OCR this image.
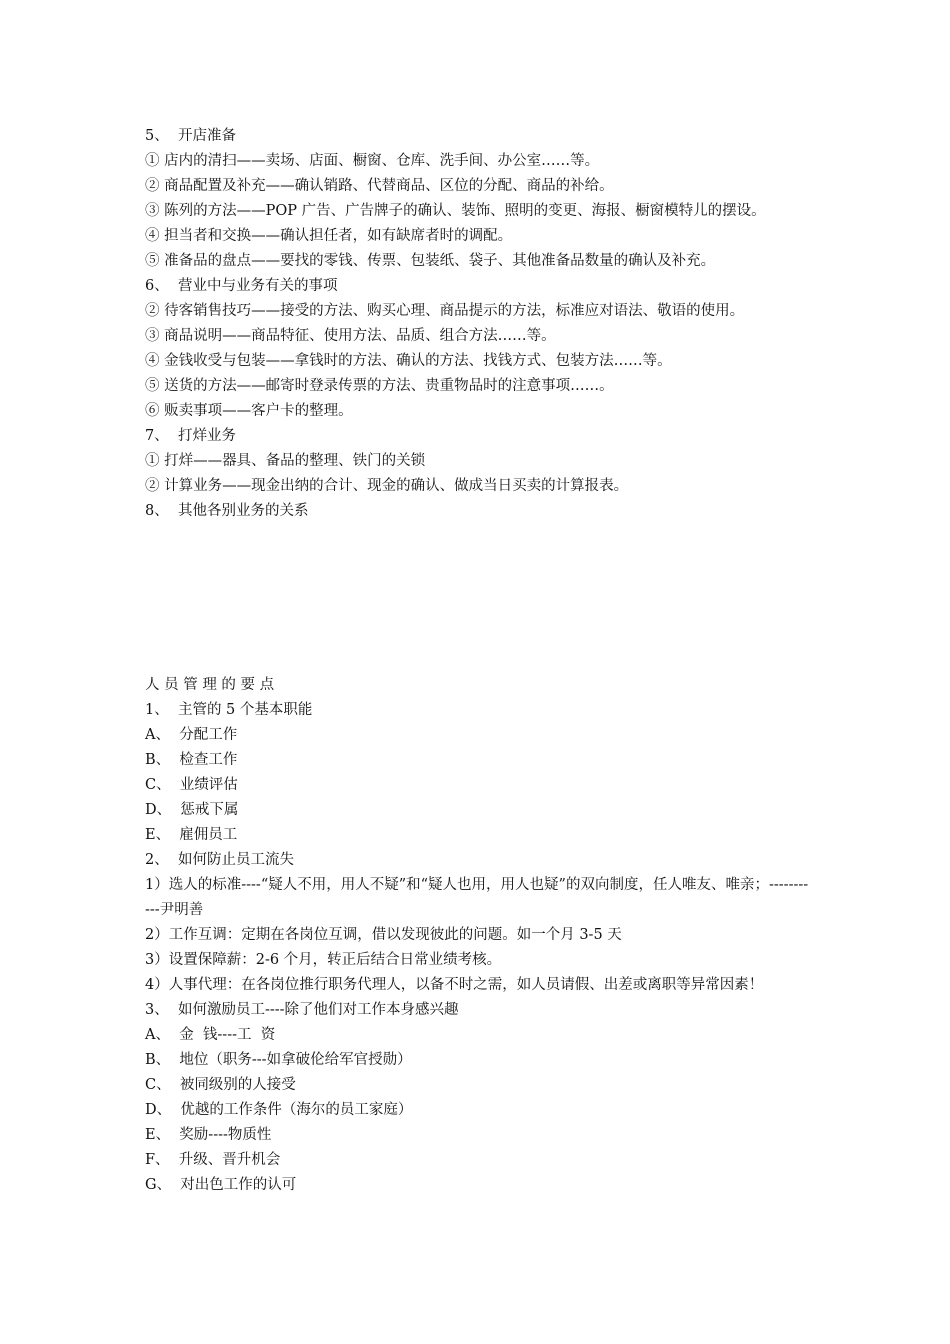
5、  开店准备

① 店内的清扫——卖场、店面、橱窗、仓库、洗手间、办公室……等。

② 商品配置及补充——确认销路、代替商品、区位的分配、商品的补给。

③ 陈列的方法——POP 广告、广告牌子的确认、装饰、照明的变更、海报、橱窗模特儿的摆设。

④ 担当者和交换——确认担任者，如有缺席者时的调配。

⑤ 准备品的盘点——要找的零钱、传票、包装纸、袋子、其他准备品数量的确认及补充。

6、  营业中与业务有关的事项

② 待客销售技巧——接受的方法、购买心理、商品提示的方法，标准应对语法、敬语的使用。

③ 商品说明——商品特征、使用方法、品质、组合方法……等。

④ 金钱收受与包装——拿钱时的方法、确认的方法、找钱方式、包装方法……等。

⑤ 送货的方法——邮寄时登录传票的方法、贵重物品时的注意事项……。

⑥ 贩卖事项——客户卡的整理。

7、  打烊业务

① 打烊——器具、备品的整理、铁门的关锁

② 计算业务——现金出纳的合计、现金的确认、做成当日买卖的计算报表。

8、  其他各别业务的关系

人 员 管 理 的 要 点

1、  主管的 5 个基本职能

A、  分配工作

B、  检查工作

C、  业绩评估

D、  惩戒下属

E、  雇佣员工

2、  如何防止员工流失

1）选人的标准----“疑人不用，用人不疑”和“疑人也用，用人也疑”的双向制度，任人唯友、唯亲；-----------尹明善

2）工作互调：定期在各岗位互调，借以发现彼此的问题。如一个月 3-5 天

3）设置保障薪：2-6 个月，转正后结合日常业绩考核。

4）人事代理：在各岗位推行职务代理人，以备不时之需，如人员请假、出差或离职等异常因素！

3、  如何激励员工----除了他们对工作本身感兴趣

A、  金  钱----工  资

B、  地位（职务---如拿破伦给军官授勋）

C、  被同级别的人接受

D、  优越的工作条件（海尔的员工家庭）

E、  奖励----物质性

F、  升级、晋升机会

G、  对出色工作的认可
